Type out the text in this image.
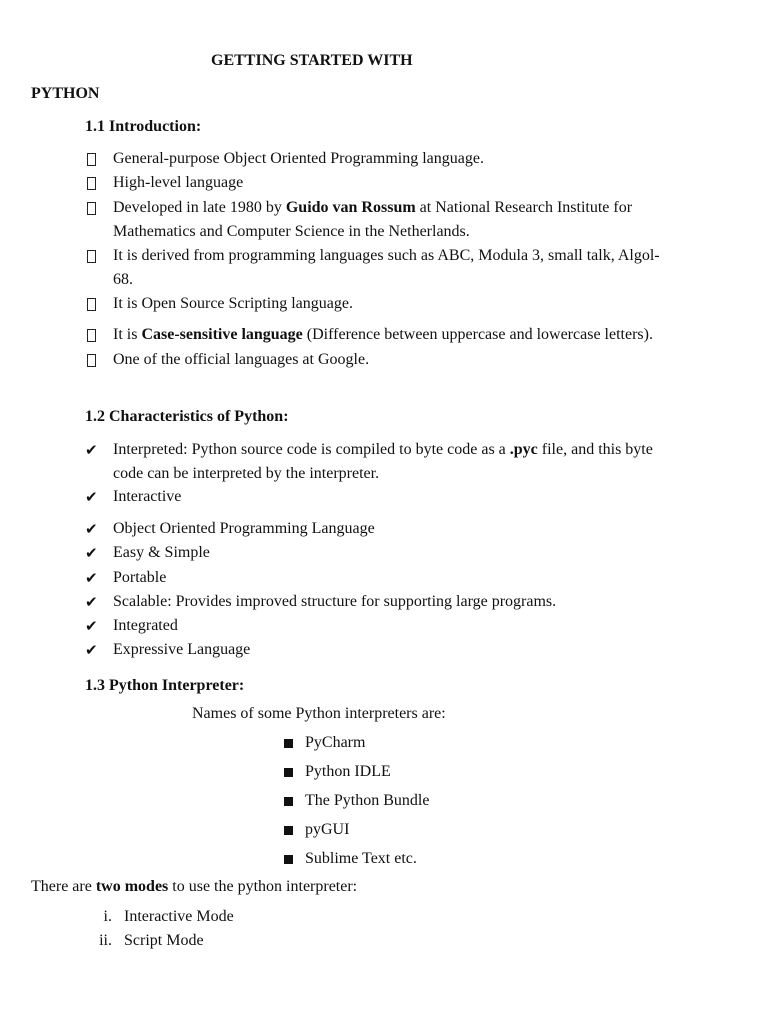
GETTING STARTED WITH
PYTHON
1.1 Introduction:
General-purpose Object Oriented Programming language.
High-level language
Developed in late 1980 by Guido van Rossum at National Research Institute for
Mathematics and Computer Science in the Netherlands.
It is derived from programming languages such as ABC, Modula 3, small talk, Algol-
68.
It is Open Source Scripting language.
It is Case-sensitive language (Difference between uppercase and lowercase letters).
One of the official languages at Google.
1.2 Characteristics of Python:
✔ Interpreted: Python source code is compiled to byte code as a .pyc file, and this byte
code can be interpreted by the interpreter.
✔ Interactive
✔ Object Oriented Programming Language
✔ Easy & Simple
✔ Portable
✔ Scalable: Provides improved structure for supporting large programs.
✔ Integrated
✔ Expressive Language
1.3 Python Interpreter:
Names of some Python interpreters are:
PyCharm
Python IDLE
The Python Bundle
pyGUI
Sublime Text etc.
There are two modes to use the python interpreter:
i. Interactive Mode
ii. Script Mode
